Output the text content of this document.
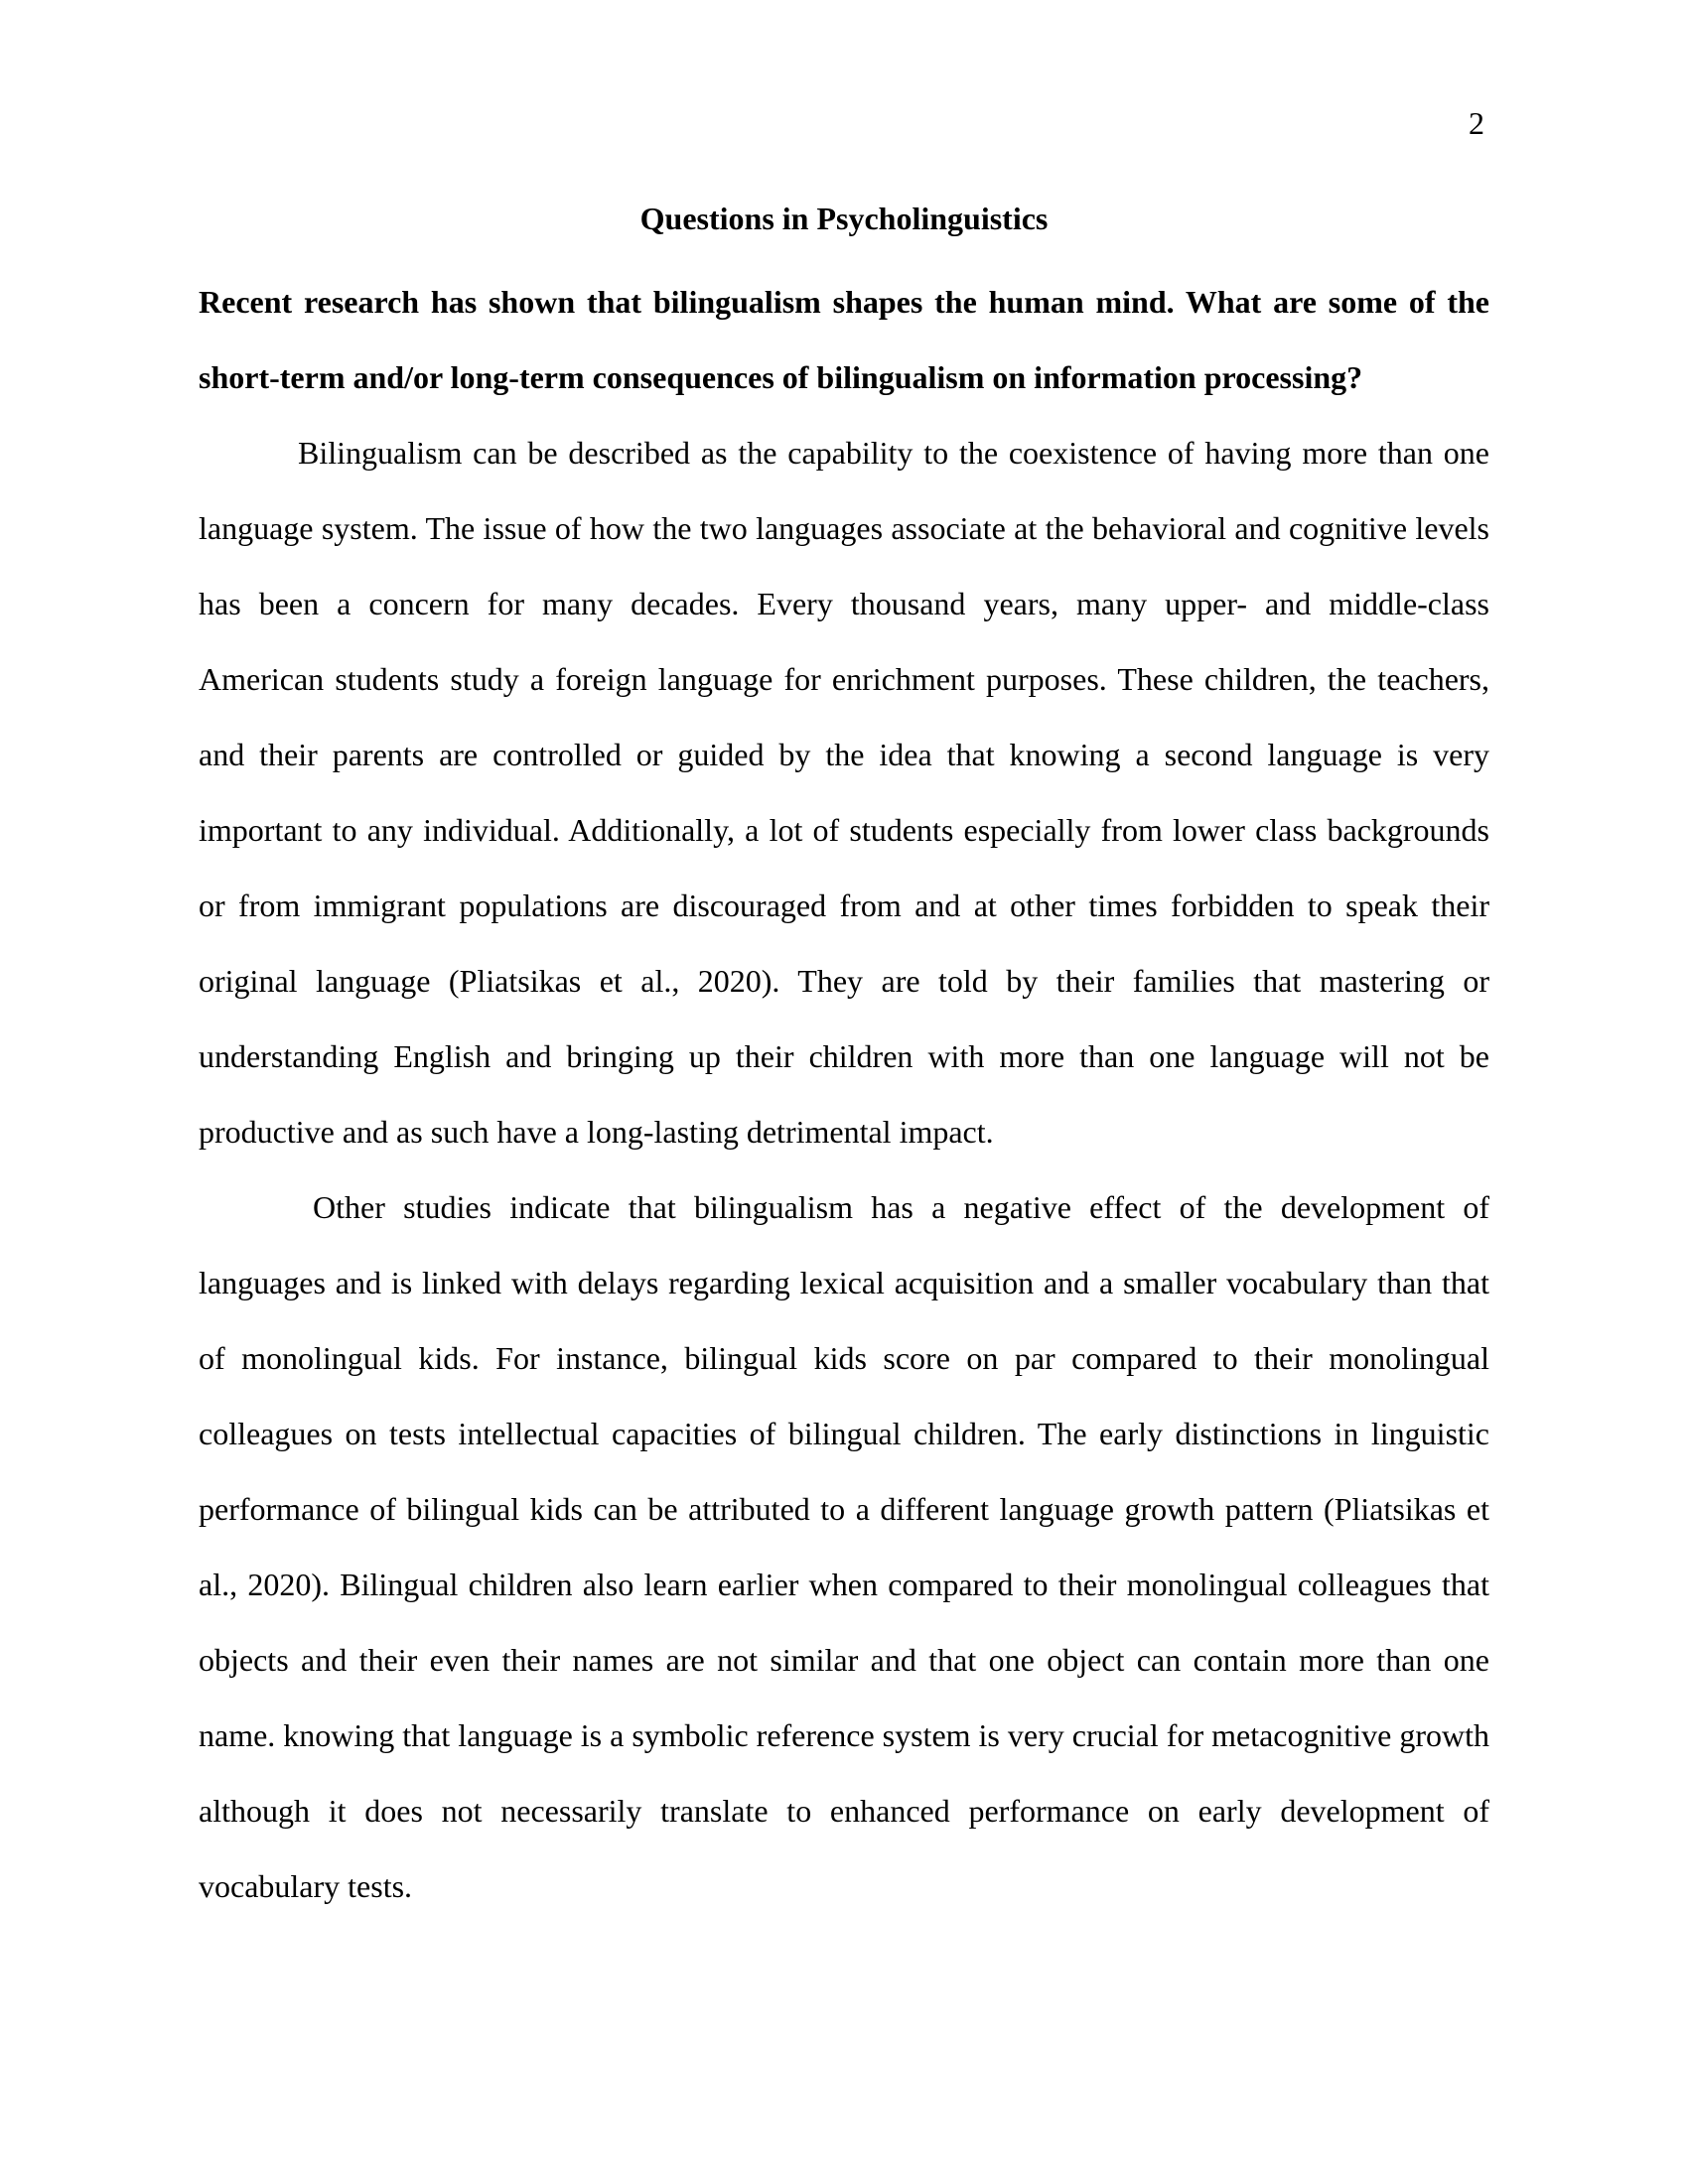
2

Questions in Psycholinguistics

Recent research has shown that bilingualism shapes the human mind. What are some of the short-term and/or long-term consequences of bilingualism on information processing?

Bilingualism can be described as the capability to the coexistence of having more than one language system. The issue of how the two languages associate at the behavioral and cognitive levels has been a concern for many decades. Every thousand years, many upper- and middle-class American students study a foreign language for enrichment purposes. These children, the teachers, and their parents are controlled or guided by the idea that knowing a second language is very important to any individual. Additionally, a lot of students especially from lower class backgrounds or from immigrant populations are discouraged from and at other times forbidden to speak their original language (Pliatsikas et al., 2020). They are told by their families that mastering or understanding English and bringing up their children with more than one language will not be productive and as such have a long-lasting detrimental impact.

Other studies indicate that bilingualism has a negative effect of the development of languages and is linked with delays regarding lexical acquisition and a smaller vocabulary than that of monolingual kids. For instance, bilingual kids score on par compared to their monolingual colleagues on tests intellectual capacities of bilingual children. The early distinctions in linguistic performance of bilingual kids can be attributed to a different language growth pattern (Pliatsikas et al., 2020). Bilingual children also learn earlier when compared to their monolingual colleagues that objects and their even their names are not similar and that one object can contain more than one name. knowing that language is a symbolic reference system is very crucial for metacognitive growth although it does not necessarily translate to enhanced performance on early development of vocabulary tests.
